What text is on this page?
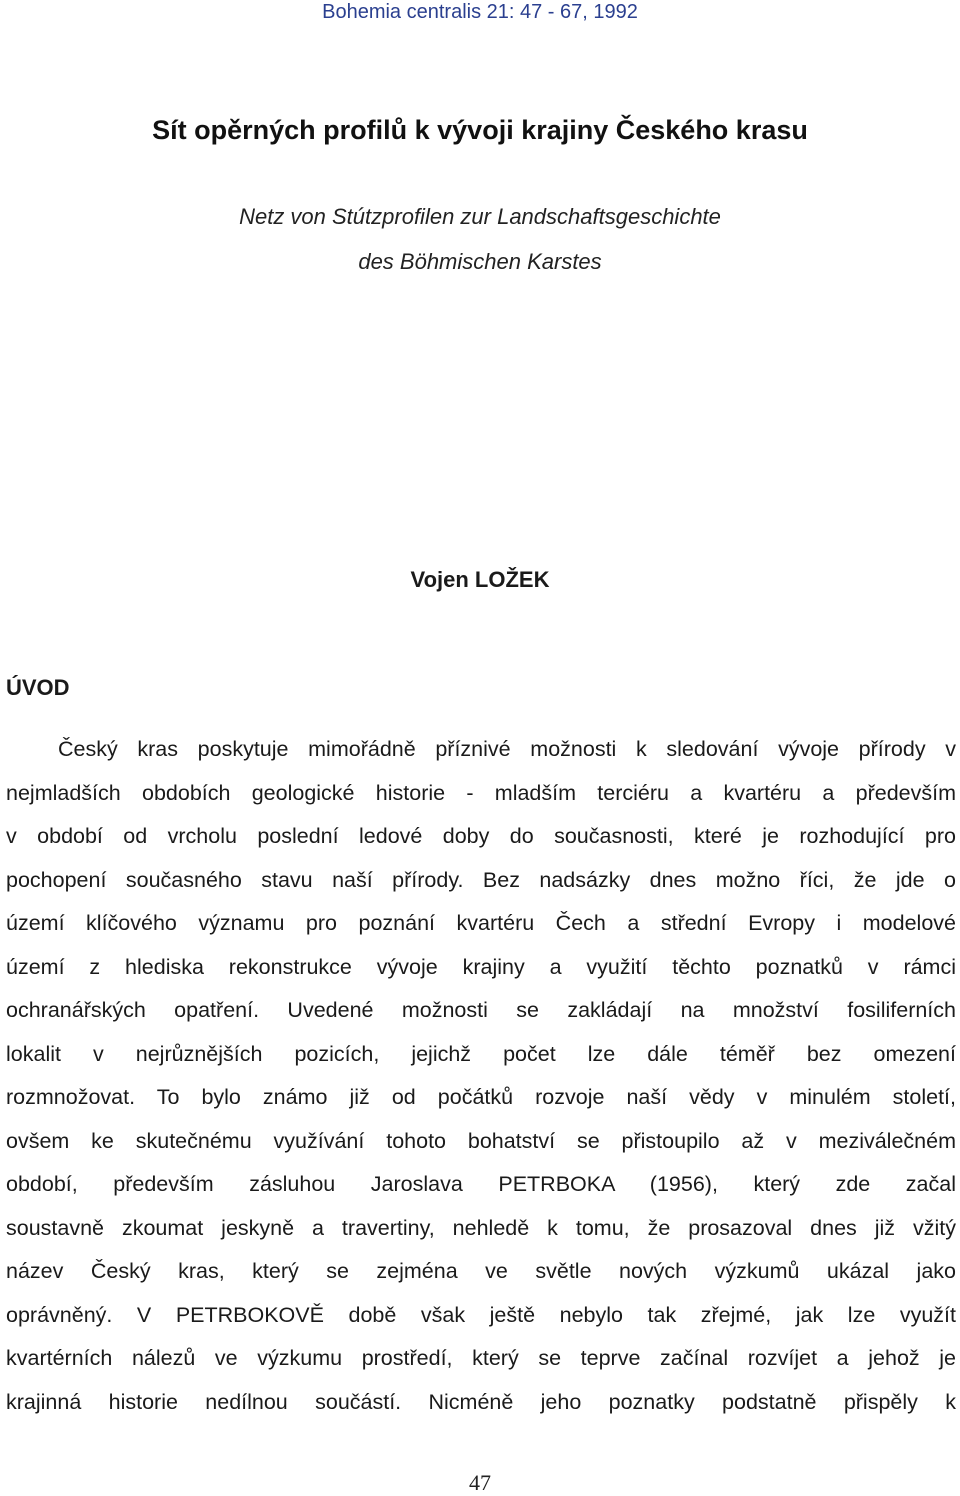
Bohemia centralis 21: 47 - 67, 1992
Sít opěrných profilů k vývoji krajiny Českého krasu
Netz von Stútzprofilen zur Landschaftsgeschichte
des Böhmischen Karstes
Vojen LOŽEK
ÚVOD
Český kras poskytuje mimořádně příznivé možnosti k sledování vývoje přírody v
nejmladších obdobích geologické historie - mladším terciéru a kvartéru a především
v období od vrcholu poslední ledové doby do současnosti, které je rozhodující pro
pochopení současného stavu naší přírody. Bez nadsázky dnes možno říci, že jde o
území klíčového významu pro poznání kvartéru Čech a střední Evropy i modelové
území z hlediska rekonstrukce vývoje krajiny a využití těchto poznatků v rámci
ochranářských opatření. Uvedené možnosti se zakládají na množství fosiliferních
lokalit v nejrůznějších pozicích, jejichž počet lze dále téměř bez omezení
rozmnožovat. To bylo známo již od počátků rozvoje naší vědy v minulém století,
ovšem ke skutečnému využívání tohoto bohatství se přistoupilo až v meziválečném
období, především zásluhou Jaroslava PETRBOKA (1956), který zde začal
soustavně zkoumat jeskyně a travertiny, nehledě k tomu, že prosazoval dnes již vžitý
název Český kras, který se zejména ve světle nových výzkumů ukázal jako
oprávněný. V PETRBOKOVĚ době však ještě nebylo tak zřejmé, jak lze využít
kvartérních nálezů ve výzkumu prostředí, který se teprve začínal rozvíjet a jehož je
krajinná historie nedílnou součástí. Nicméně jeho poznatky podstatně přispěly k
47
